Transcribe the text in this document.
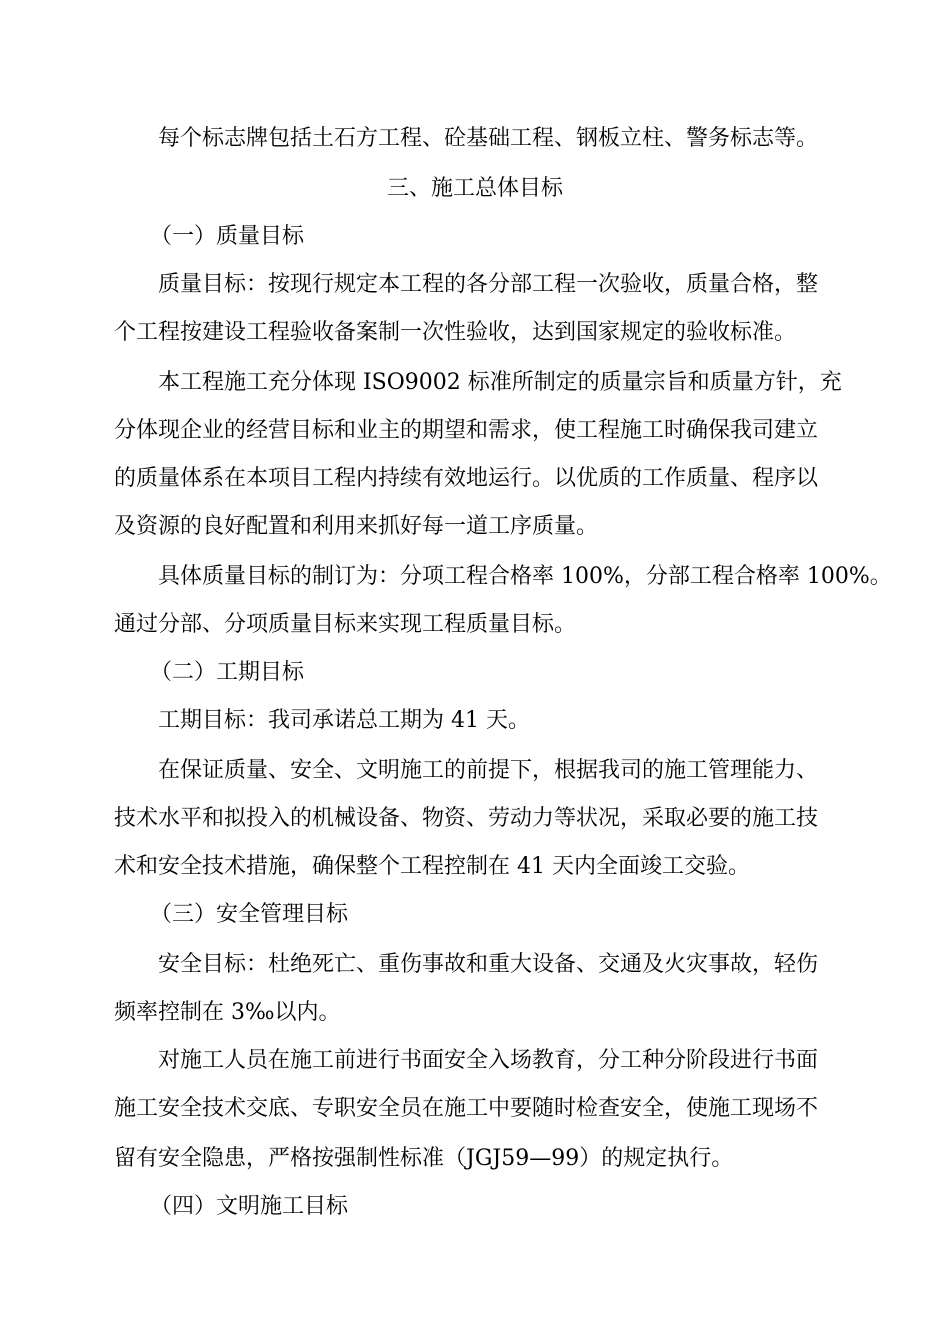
每个标志牌包括土石方工程、砼基础工程、钢板立柱、警务标志等。
三、施工总体目标
（一）质量目标
质量目标：按现行规定本工程的各分部工程一次验收，质量合格，整
个工程按建设工程验收备案制一次性验收，达到国家规定的验收标准。
本工程施工充分体现 ISO9002 标准所制定的质量宗旨和质量方针，充
分体现企业的经营目标和业主的期望和需求，使工程施工时确保我司建立
的质量体系在本项目工程内持续有效地运行。以优质的工作质量、程序以
及资源的良好配置和利用来抓好每一道工序质量。
具体质量目标的制订为：分项工程合格率 100%，分部工程合格率 100%。
通过分部、分项质量目标来实现工程质量目标。
（二）工期目标
工期目标：我司承诺总工期为 41 天。
在保证质量、安全、文明施工的前提下，根据我司的施工管理能力、
技术水平和拟投入的机械设备、物资、劳动力等状况，采取必要的施工技
术和安全技术措施，确保整个工程控制在 41 天内全面竣工交验。
（三）安全管理目标
安全目标：杜绝死亡、重伤事故和重大设备、交通及火灾事故，轻伤
频率控制在 3‰以内。
对施工人员在施工前进行书面安全入场教育，分工种分阶段进行书面
施工安全技术交底、专职安全员在施工中要随时检查安全，使施工现场不
留有安全隐患，严格按强制性标准（JGJ59—99）的规定执行。
（四）文明施工目标
